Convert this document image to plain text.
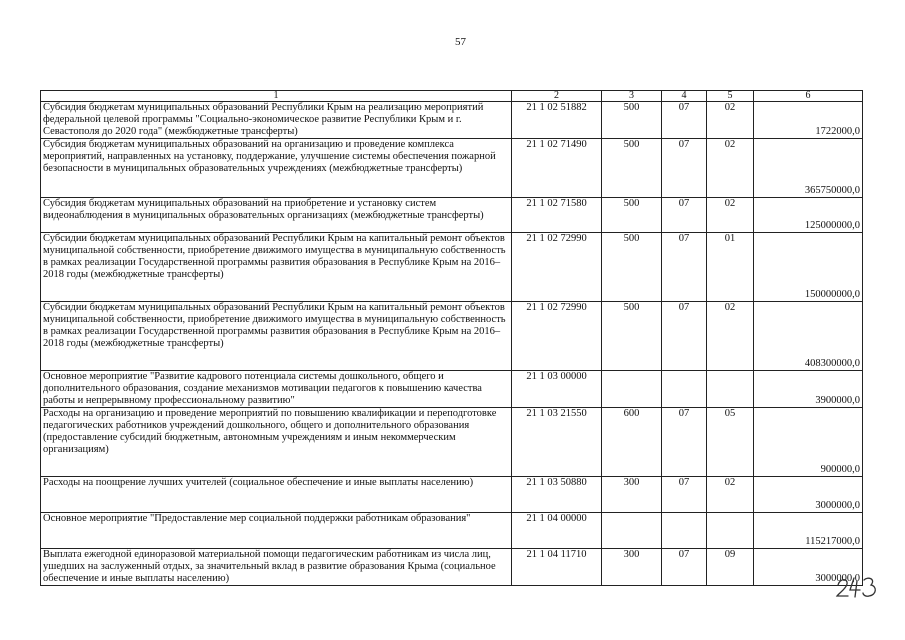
57
1	2	3	4	5	6
Субсидия бюджетам муниципальных образований Республики Крым на реализацию мероприятий федеральной целевой программы "Социально-экономическое развитие Республики Крым и г. Севастополя до 2020 года" (межбюджетные трансферты)	21 1 02 51882	500	07	02	1722000,0
Субсидия бюджетам муниципальных образований на организацию и проведение комплекса мероприятий, направленных на установку, поддержание, улучшение системы обеспечения пожарной безопасности в муниципальных образовательных учреждениях (межбюджетные трансферты)	21 1 02 71490	500	07	02	365750000,0
Субсидия бюджетам муниципальных образований на приобретение и установку систем видеонаблюдения в муниципальных образовательных организациях (межбюджетные трансферты)	21 1 02 71580	500	07	02	125000000,0
Субсидии бюджетам муниципальных образований Республики Крым на капитальный ремонт объектов муниципальной собственности, приобретение движимого имущества в муниципальную собственность в рамках реализации Государственной программы развития образования в Республике Крым на 2016–2018 годы (межбюджетные трансферты)	21 1 02 72990	500	07	01	150000000,0
Субсидии бюджетам муниципальных образований Республики Крым на капитальный ремонт объектов муниципальной собственности, приобретение движимого имущества в муниципальную собственность в рамках реализации Государственной программы развития образования в Республике Крым на 2016–2018 годы (межбюджетные трансферты)	21 1 02 72990	500	07	02	408300000,0
Основное мероприятие "Развитие кадрового потенциала системы дошкольного, общего и дополнительного образования, создание механизмов мотивации педагогов к повышению качества работы и непрерывному профессиональному развитию"	21 1 03 00000				3900000,0
Расходы на организацию и проведение мероприятий по повышению квалификации и переподготовке педагогических работников учреждений дошкольного, общего и дополнительного образования (предоставление субсидий бюджетным, автономным учреждениям и иным некоммерческим организациям)	21 1 03 21550	600	07	05	900000,0
Расходы на поощрение лучших учителей (социальное обеспечение и иные выплаты населению)	21 1 03 50880	300	07	02	3000000,0
Основное мероприятие "Предоставление мер социальной поддержки работникам образования"	21 1 04 00000				115217000,0
Выплата ежегодной единоразовой материальной помощи педагогическим работникам из числа лиц, ушедших на заслуженный отдых, за значительный вклад в развитие образования Крыма (социальное обеспечение и иные выплаты населению)	21 1 04 11710	300	07	09	3000000,0
